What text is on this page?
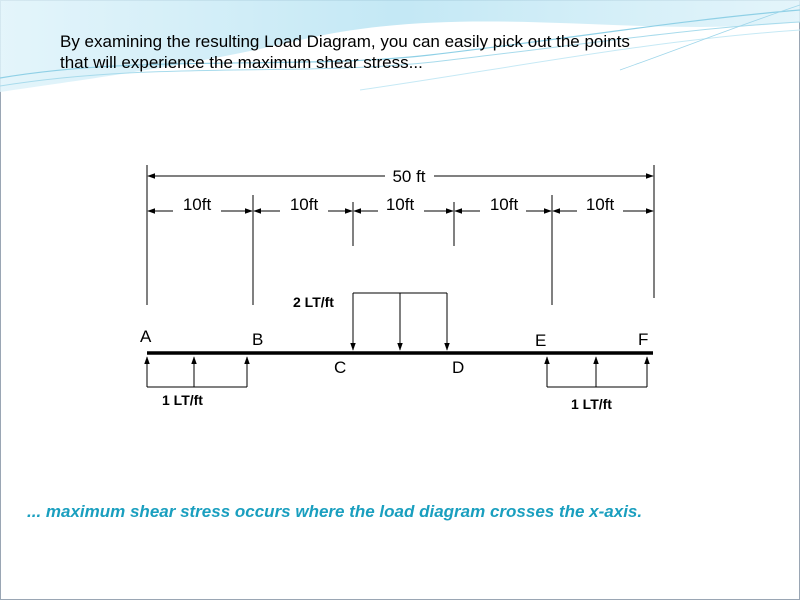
By examining the resulting Load Diagram, you can easily pick out the points that will experience the maximum shear stress...
50 ft
10ft	10ft	10ft	10ft	10ft
2 LT/ft
1 LT/ft	1 LT/ft
A	B
C	D
E	F
... maximum shear stress occurs where the load diagram crosses the x-axis.
